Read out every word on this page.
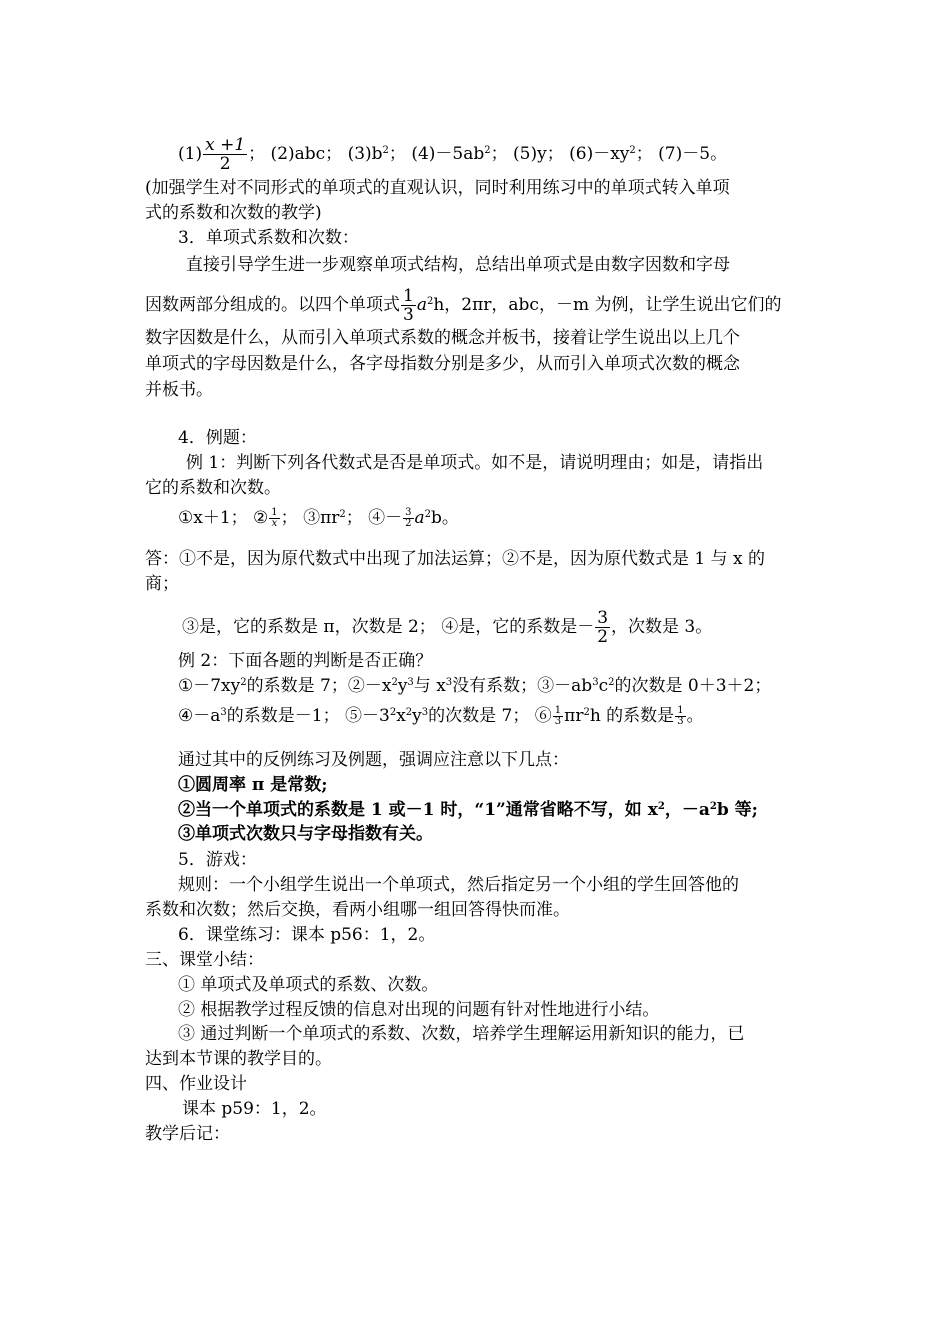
$(1) \frac{x +1}{2}$ ； (2)abc； $(3)b^2$； $(4)-5ab^2$； (5)y； $(6)-xy^2$； (7)－5。
(加强学生对不同形式的单项式的直观认识，同时利用练习中的单项式转入单项
式的系数和次数的教学)
3．单项式系数和次数：
直接引导学生进一步观察单项式结构，总结出单项式是由数字因数和字母
因数两部分组成的。以四个单项式 $\frac{1}{3} a^2h$，2πr，abc，－m 为例，让学生说出它们的
数字因数是什么，从而引入单项式系数的概念并板书，接着让学生说出以上几个
单项式的字母因数是什么，各字母指数分别是多少，从而引入单项式次数的概念
并板书。
4．例题：
例 1：判断下列各代数式是否是单项式。如不是，请说明理由；如是，请指出
它的系数和次数。
①x＋1； ② $\frac{1}{x}$ ； $③\pi r^2$； ④－ $\frac{3}{2} a^2b$。
答：①不是，因为原代数式中出现了加法运算；②不是，因为原代数式是 1 与 x 的
商；
③是，它的系数是 π，次数是 2； ④是，它的系数是－ $\frac{3}{2}$ ，次数是 3。
例 2：下面各题的判断是否正确？
$①-7xy^2$的系数是 7；$②-x^2y^3$与 $x^3$没有系数；$③-ab^3c^2$的次数是 0＋3＋2；
$④-a^3$的系数是－1； $⑤-3^2x^2y^3$的次数是 7； ⑥ $\frac{1}{3} \pi r^2h$ 的系数是 $\frac{1}{3}$ 。
通过其中的反例练习及例题，强调应注意以下几点：
①圆周率 π 是常数;
②当一个单项式的系数是 1 或－1 时，“1”通常省略不写，如 $x^2$，$-a^2b$ 等;
③单项式次数只与字母指数有关。
5．游戏：
规则：一个小组学生说出一个单项式，然后指定另一个小组的学生回答他的
系数和次数；然后交换，看两小组哪一组回答得快而准。
6．课堂练习：课本 p56：1，2。
三、课堂小结：
① 单项式及单项式的系数、次数。
② 根据教学过程反馈的信息对出现的问题有针对性地进行小结。
③ 通过判断一个单项式的系数、次数，培养学生理解运用新知识的能力，已
达到本节课的教学目的。
四、作业设计
课本 p59：1，2。
教学后记：
